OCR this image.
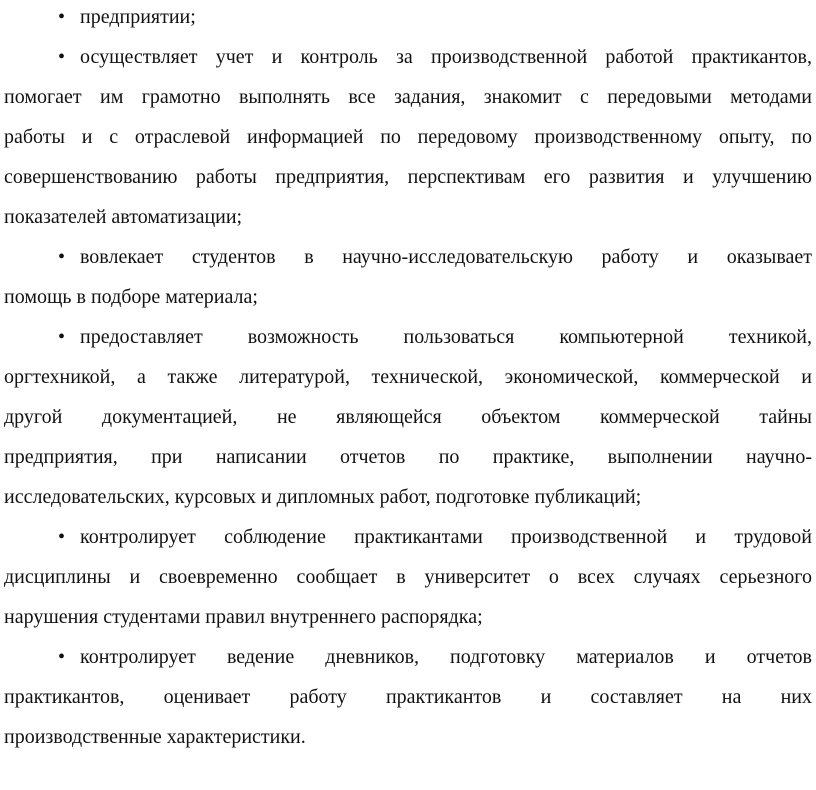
• предприятии;
• осуществляет учет и контроль за производственной работой практикантов,
помогает им грамотно выполнять все задания, знакомит с передовыми методами
работы и с отраслевой информацией по передовому производственному опыту, по
совершенствованию работы предприятия, перспективам его развития и улучшению
показателей автоматизации;
• вовлекает студентов в научно-исследовательскую работу и оказывает
помощь в подборе материала;
• предоставляет возможность пользоваться компьютерной техникой,
оргтехникой, а также литературой, технической, экономической, коммерческой и
другой документацией, не являющейся объектом коммерческой тайны
предприятия, при написании отчетов по практике, выполнении научно-
исследовательских, курсовых и дипломных работ, подготовке публикаций;
• контролирует соблюдение практикантами производственной и трудовой
дисциплины и своевременно сообщает в университет о всех случаях серьезного
нарушения студентами правил внутреннего распорядка;
• контролирует ведение дневников, подготовку материалов и отчетов
практикантов, оценивает работу практикантов и составляет на них
производственные характеристики.
